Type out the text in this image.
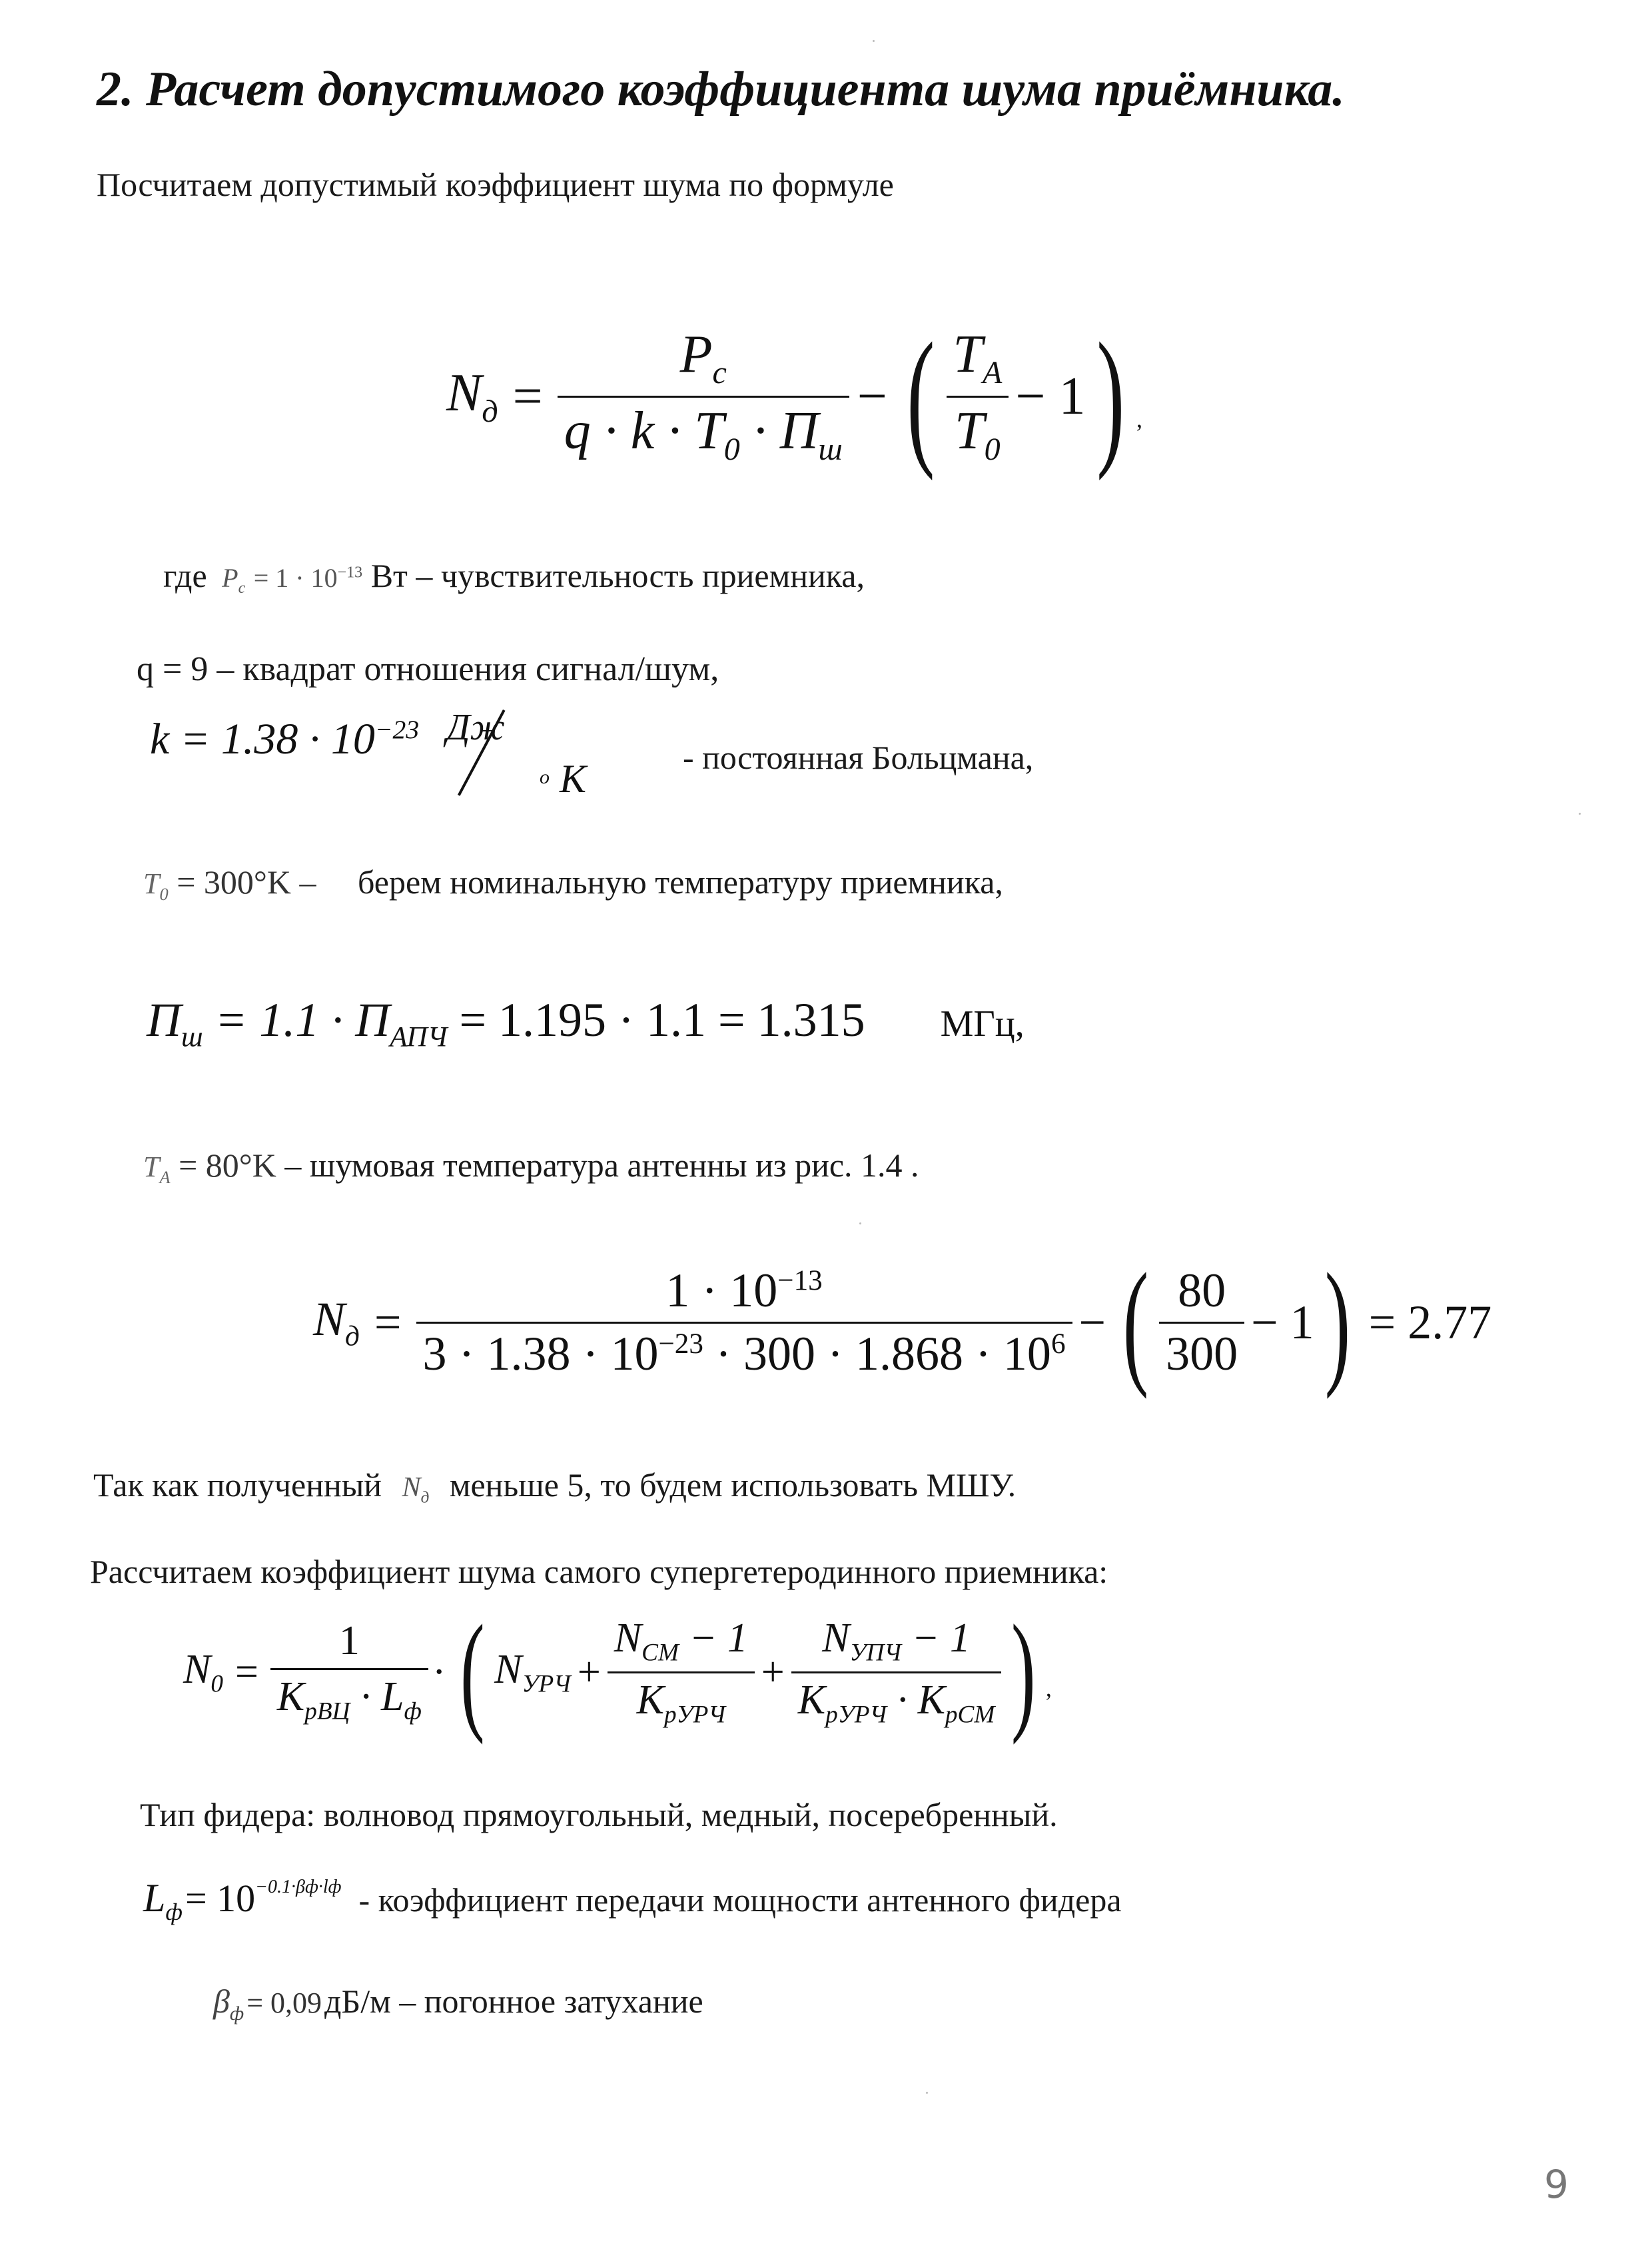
2. Расчет допустимого коэффициента шума приёмника.
Посчитаем допустимый коэффициент шума по формуле
$N_д = \frac{P_c}{q \cdot k \cdot T_0 \cdot П_ш}$ − ( $\frac{T_A}{T_0} - 1$ ) ,
где $P_c = 1 \cdot 10^{-13}$ Вт – чувствительность приемника,
q = 9 – квадрат отношения сигнал/шум,
$k = 1.38 \cdot 10^{-23}$ Дж
o K	- постоянная Больцмана,
$T_0 = 300^\circ K$ – берем номинальную температуру приемника,
$П_ш = 1.1 \cdot П_{АПЧ} = 1.195 \cdot 1.1 = 1.315$ МГц,
$T_A = 80^\circ K$ – шумовая температура антенны из рис. 1.4 .
$N_д = \frac{1 \cdot 10^{-13}}{3 \cdot 1.38 \cdot 10^{-23} \cdot 300 \cdot 1.868 \cdot 10^6}$ − ( $\frac{80}{300} - 1$ ) = 2.77
Так как полученный $N_д$ меньше 5, то будем использовать МШУ.
Рассчитаем коэффициент шума самого супергетеродинного приемника:
$N_0 = \frac{1}{K_{рВЦ} \cdot L_ф}$ · ( $N_{УРЧ} + \frac{N_{СМ} - 1}{K_{рУРЧ}} + \frac{N_{УПЧ} - 1}{K_{рУРЧ} \cdot K_{рСМ}}$ ) ,
Тип фидера: волновод прямоугольный, медный, посеребренный.
$L_ф = 10^{-0.1\cdot\beta ф\cdot lф}$ - коэффициент передачи мощности антенного фидера
$\beta_ф = 0,09$ дБ/м – погонное затухание
9
